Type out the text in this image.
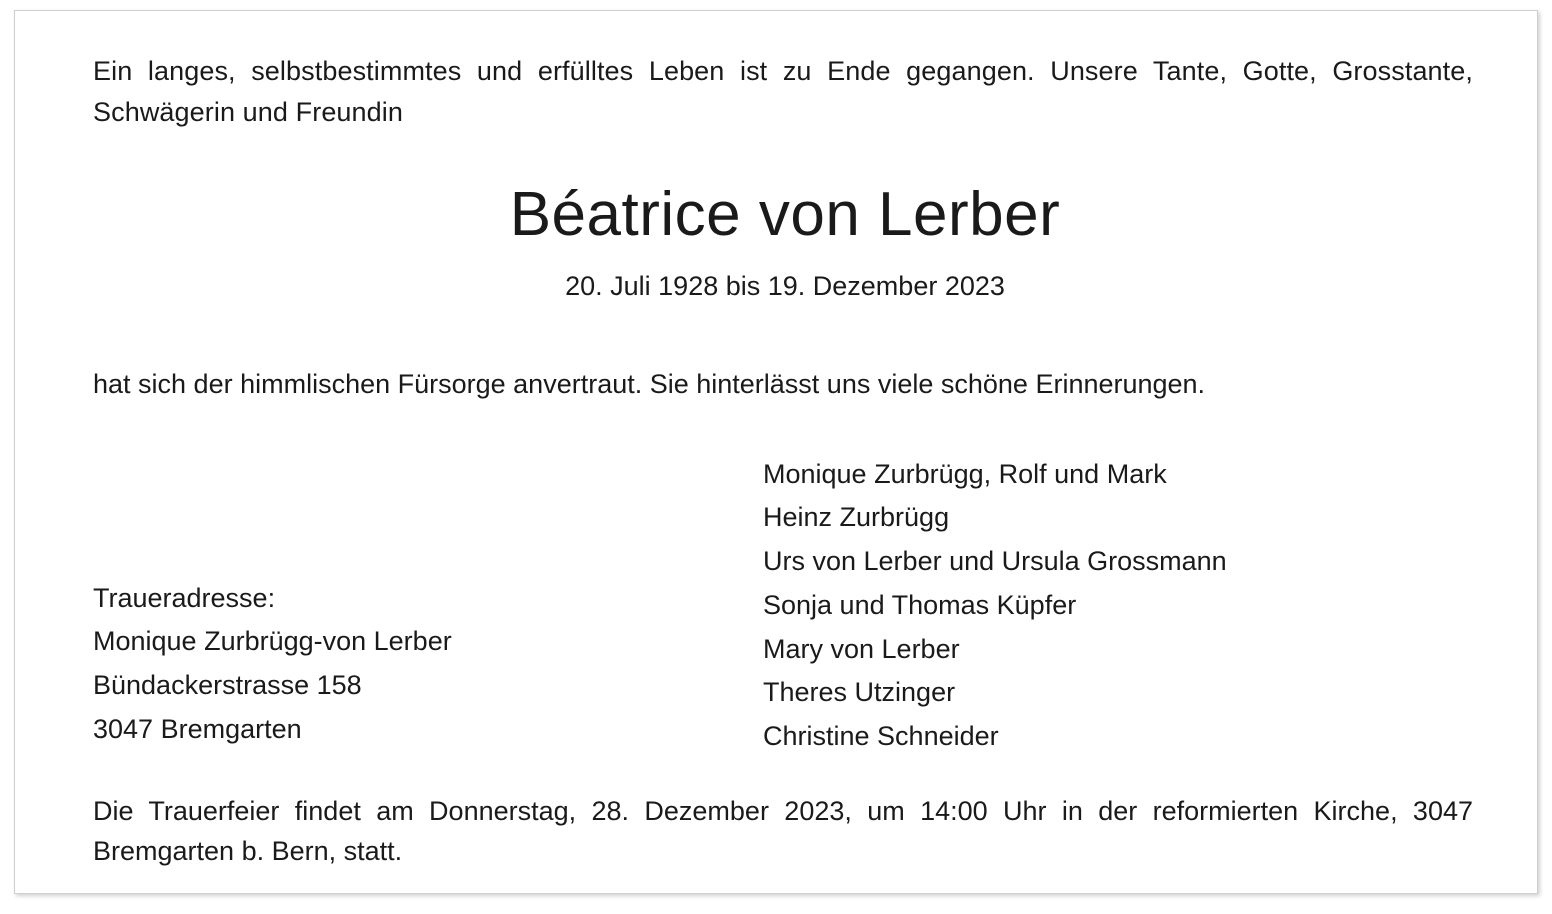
Ein langes, selbstbestimmtes und erfülltes Leben ist zu Ende gegangen. Unsere Tante, Gotte, Grosstante, Schwägerin und Freundin
Béatrice von Lerber
20. Juli 1928 bis 19. Dezember 2023
hat sich der himmlischen Fürsorge anvertraut. Sie hinterlässt uns viele schöne Erinnerungen.
Traueradresse:
Monique Zurbrügg-von Lerber
Bündackerstrasse 158
3047 Bremgarten
Monique Zurbrügg, Rolf und Mark
Heinz Zurbrügg
Urs von Lerber und Ursula Grossmann
Sonja und Thomas Küpfer
Mary von Lerber
Theres Utzinger
Christine Schneider
Die Trauerfeier findet am Donnerstag, 28. Dezember 2023, um 14:00 Uhr in der reformierten Kirche, 3047 Bremgarten b. Bern, statt.
